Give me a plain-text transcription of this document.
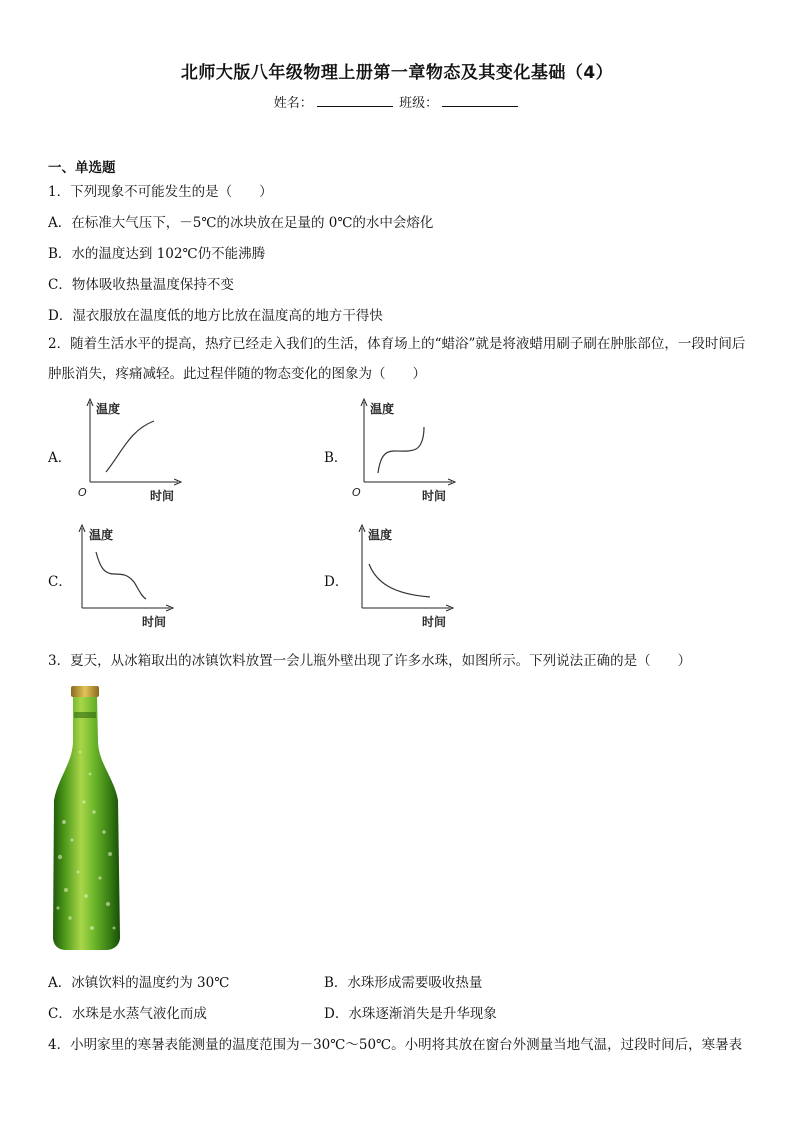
北师大版八年级物理上册第一章物态及其变化基础（4）
姓名：	班级：
一、单选题
1．下列现象不可能发生的是（　　）
A．在标准大气压下，－5℃的冰块放在足量的 0℃的水中会熔化
B．水的温度达到 102℃仍不能沸腾
C．物体吸收热量温度保持不变
D．湿衣服放在温度低的地方比放在温度高的地方干得快
2．随着生活水平的提高，热疗已经走入我们的生活，体育场上的“蜡浴”就是将液蜡用刷子刷在肿胀部位，一段时间后肿胀消失，疼痛减轻。此过程伴随的物态变化的图象为（　　）
A．	B．
C．	D．
温度
时间
O
温度
时间
O
温度
时间
温度
时间
3．夏天，从冰箱取出的冰镇饮料放置一会儿瓶外壁出现了许多水珠，如图所示。下列说法正确的是（　　）
A．冰镇饮料的温度约为 30℃	B．水珠形成需要吸收热量
C．水珠是水蒸气液化而成	D．水珠逐渐消失是升华现象
4．小明家里的寒暑表能测量的温度范围为－30℃～50℃。小明将其放在窗台外测量当地气温，过段时间后，寒暑表
